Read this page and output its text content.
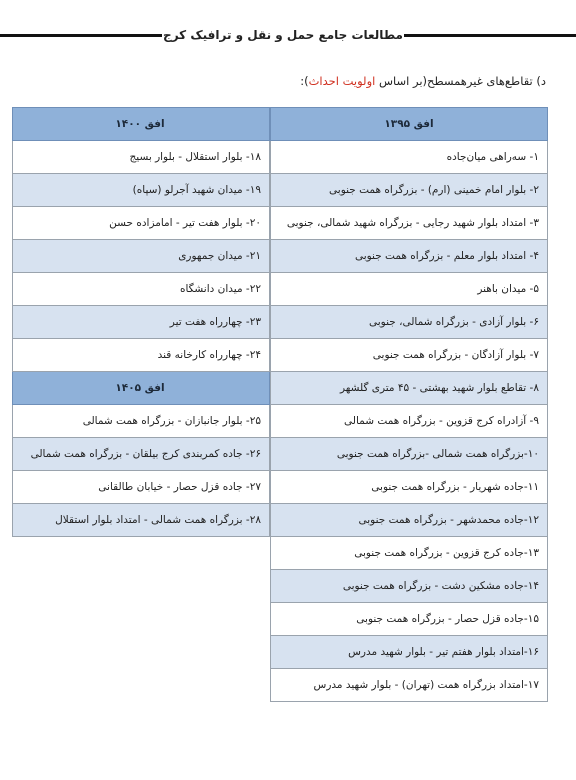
مطالعات جامع حمل و نقل و ترافیک کرج
د) تقاطع‌های غیرهمسطح(بر اساس اولویت احداث):
افق ۱۳۹۵
۱- سه‌راهی میان‌جاده
۲- بلوار امام خمینی (ارم) - بزرگراه همت جنوبی
۳- امتداد بلوار شهید رجایی - بزرگراه شهید شمالی، جنوبی
۴- امتداد بلوار معلم - بزرگراه همت جنوبی
۵- میدان باهنر
۶- بلوار آزادی - بزرگراه شمالی، جنوبی
۷- بلوار آزادگان - بزرگراه همت جنوبی
۸- تقاطع بلوار شهید بهشتی - ۴۵ متری گلشهر
۹- آزادراه کرج قزوین - بزرگراه همت شمالی
۱۰-بزرگراه همت شمالی -بزرگراه همت جنوبی
۱۱-جاده شهریار - بزرگراه همت جنوبی
۱۲-جاده محمدشهر - بزرگراه همت جنوبی
۱۳-جاده کرج قزوین - بزرگراه همت جنوبی
۱۴-جاده مشکین دشت - بزرگراه همت جنوبی
۱۵-جاده قزل حصار - بزرگراه همت جنوبی
۱۶-امتداد بلوار هفتم تیر - بلوار شهید مدرس
۱۷-امتداد بزرگراه همت (تهران) - بلوار شهید مدرس
افق ۱۴۰۰
۱۸- بلوار استقلال - بلوار بسیج
۱۹- میدان شهید آجرلو (سپاه)
۲۰- بلوار هفت تیر - امامزاده حسن
۲۱- میدان جمهوری
۲۲- میدان دانشگاه
۲۳- چهارراه هفت تیر
۲۴- چهارراه کارخانه قند
افق ۱۴۰۵
۲۵- بلوار جانبازان - بزرگراه همت شمالی
۲۶- جاده کمربندی کرج بیلقان - بزرگراه همت شمالی
۲۷- جاده قزل حصار - خیابان طالقانی
۲۸- بزرگراه همت شمالی - امتداد بلوار استقلال
